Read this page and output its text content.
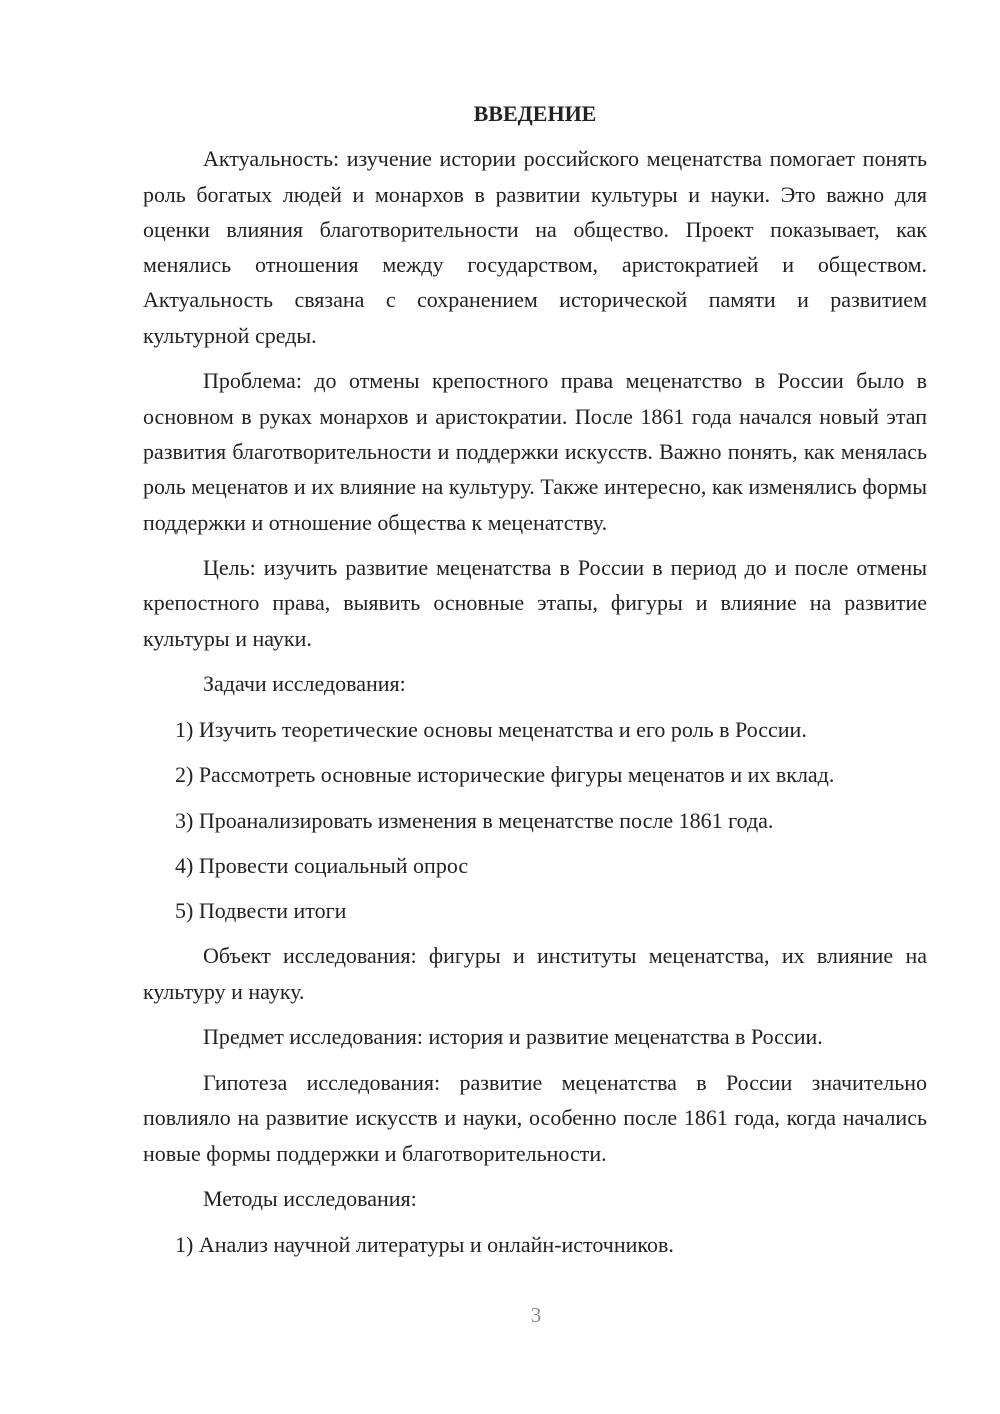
ВВЕДЕНИЕ

Актуальность: изучение истории российского меценатства помогает понять роль богатых людей и монархов в развитии культуры и науки. Это важно для оценки влияния благотворительности на общество. Проект показывает, как менялись отношения между государством, аристократией и обществом. Актуальность связана с сохранением исторической памяти и развитием культурной среды.

Проблема: до отмены крепостного права меценатство в России было в основном в руках монархов и аристократии. После 1861 года начался новый этап развития благотворительности и поддержки искусств. Важно понять, как менялась роль меценатов и их влияние на культуру. Также интересно, как изменялись формы поддержки и отношение общества к меценатству.

Цель: изучить развитие меценатства в России в период до и после отмены крепостного права, выявить основные этапы, фигуры и влияние на развитие культуры и науки.

Задачи исследования:

1) Изучить теоретические основы меценатства и его роль в России.

2) Рассмотреть основные исторические фигуры меценатов и их вклад.

3) Проанализировать изменения в меценатстве после 1861 года.

4) Провести социальный опрос

5) Подвести итоги

Объект исследования: фигуры и институты меценатства, их влияние на культуру и науку.

Предмет исследования: история и развитие меценатства в России.

Гипотеза исследования: развитие меценатства в России значительно повлияло на развитие искусств и науки, особенно после 1861 года, когда начались новые формы поддержки и благотворительности.

Методы исследования:

1) Анализ научной литературы и онлайн-источников.

3
